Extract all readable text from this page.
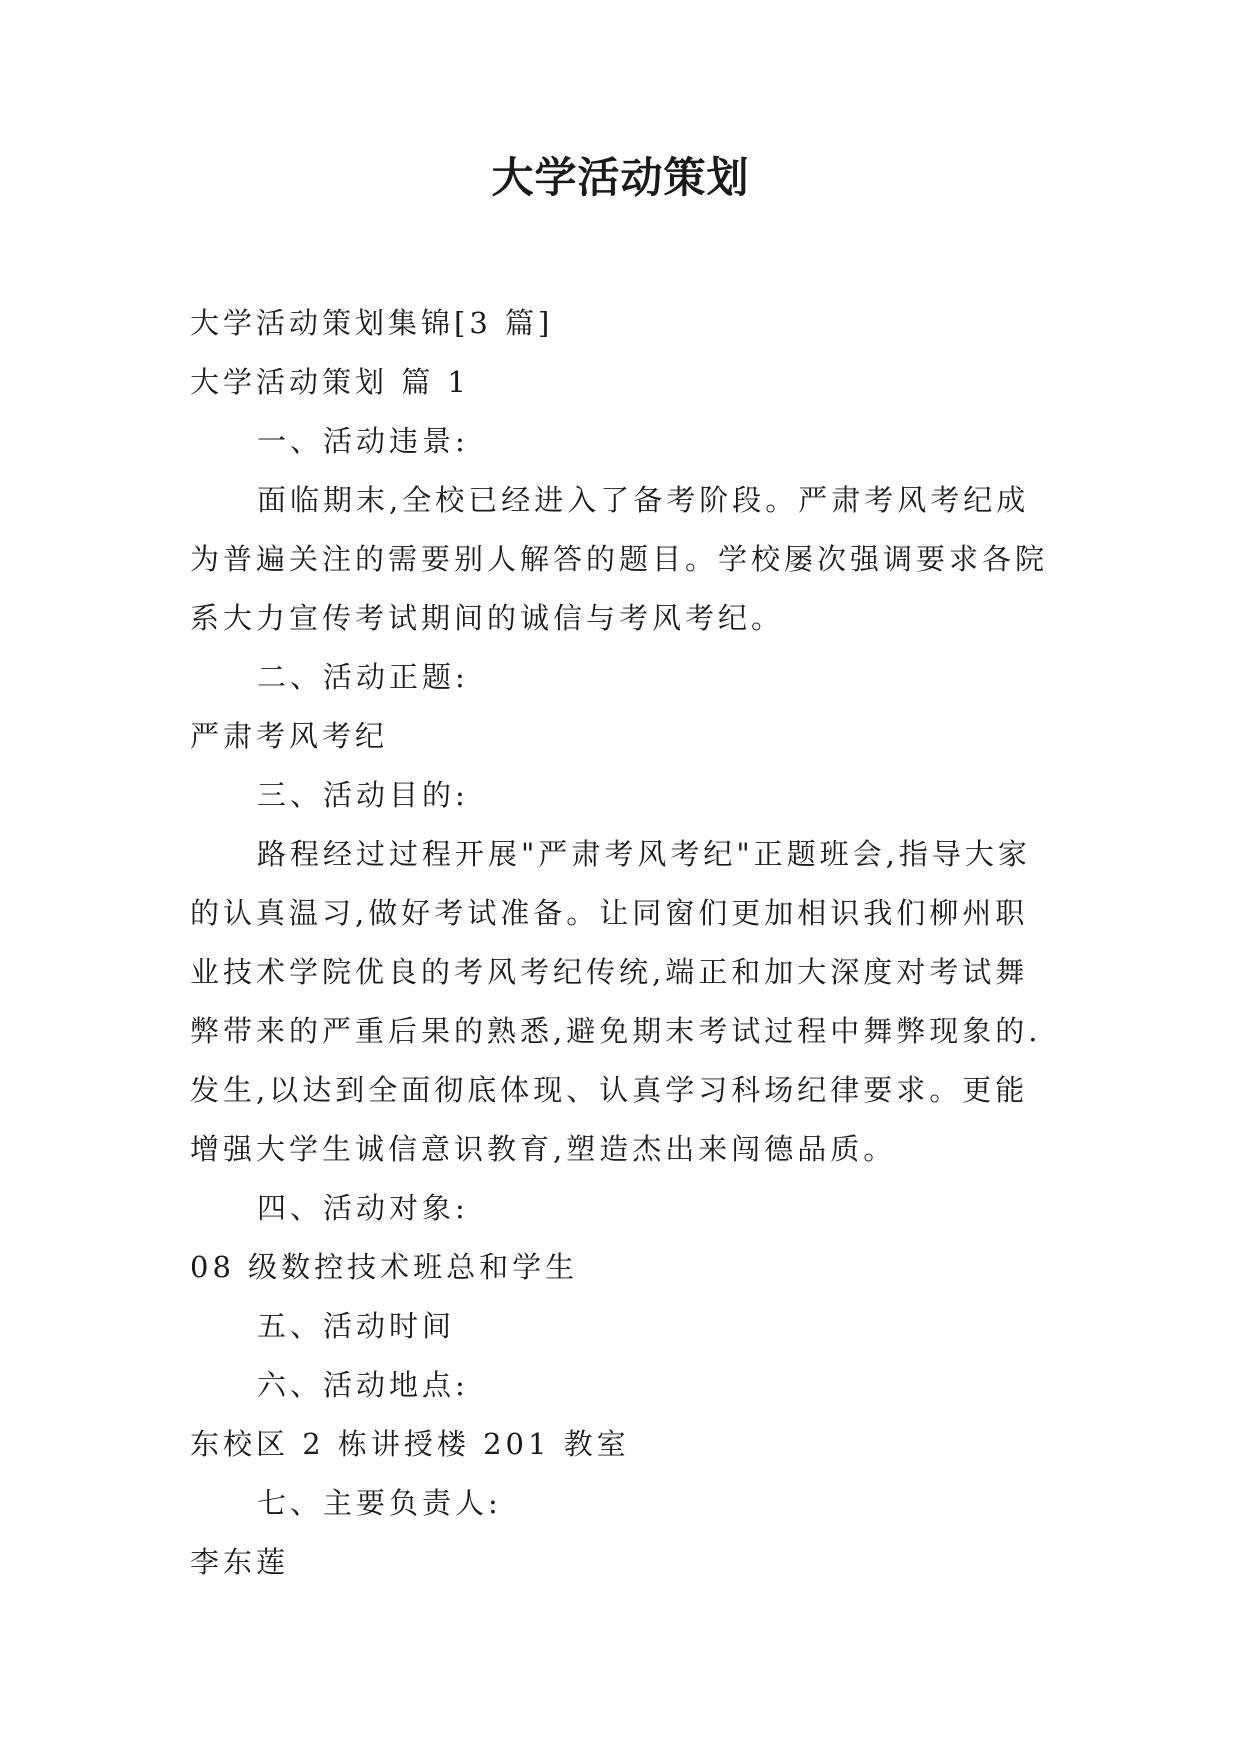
大学活动策划
大学活动策划集锦[3 篇]
大学活动策划 篇 1
一、活动违景:
面临期末,全校已经进入了备考阶段。严肃考风考纪成
为普遍关注的需要别人解答的题目。学校屡次强调要求各院
系大力宣传考试期间的诚信与考风考纪。
二、活动正题:
严肃考风考纪
三、活动目的:
路程经过过程开展"严肃考风考纪"正题班会,指导大家
的认真温习,做好考试准备。让同窗们更加相识我们柳州职
业技术学院优良的考风考纪传统,端正和加大深度对考试舞
弊带来的严重后果的熟悉,避免期末考试过程中舞弊现象的.
发生,以达到全面彻底体现、认真学习科场纪律要求。更能
增强大学生诚信意识教育,塑造杰出来闯德品质。
四、活动对象:
08 级数控技术班总和学生
五、活动时间
六、活动地点:
东校区 2 栋讲授楼 201 教室
七、主要负责人:
李东莲
